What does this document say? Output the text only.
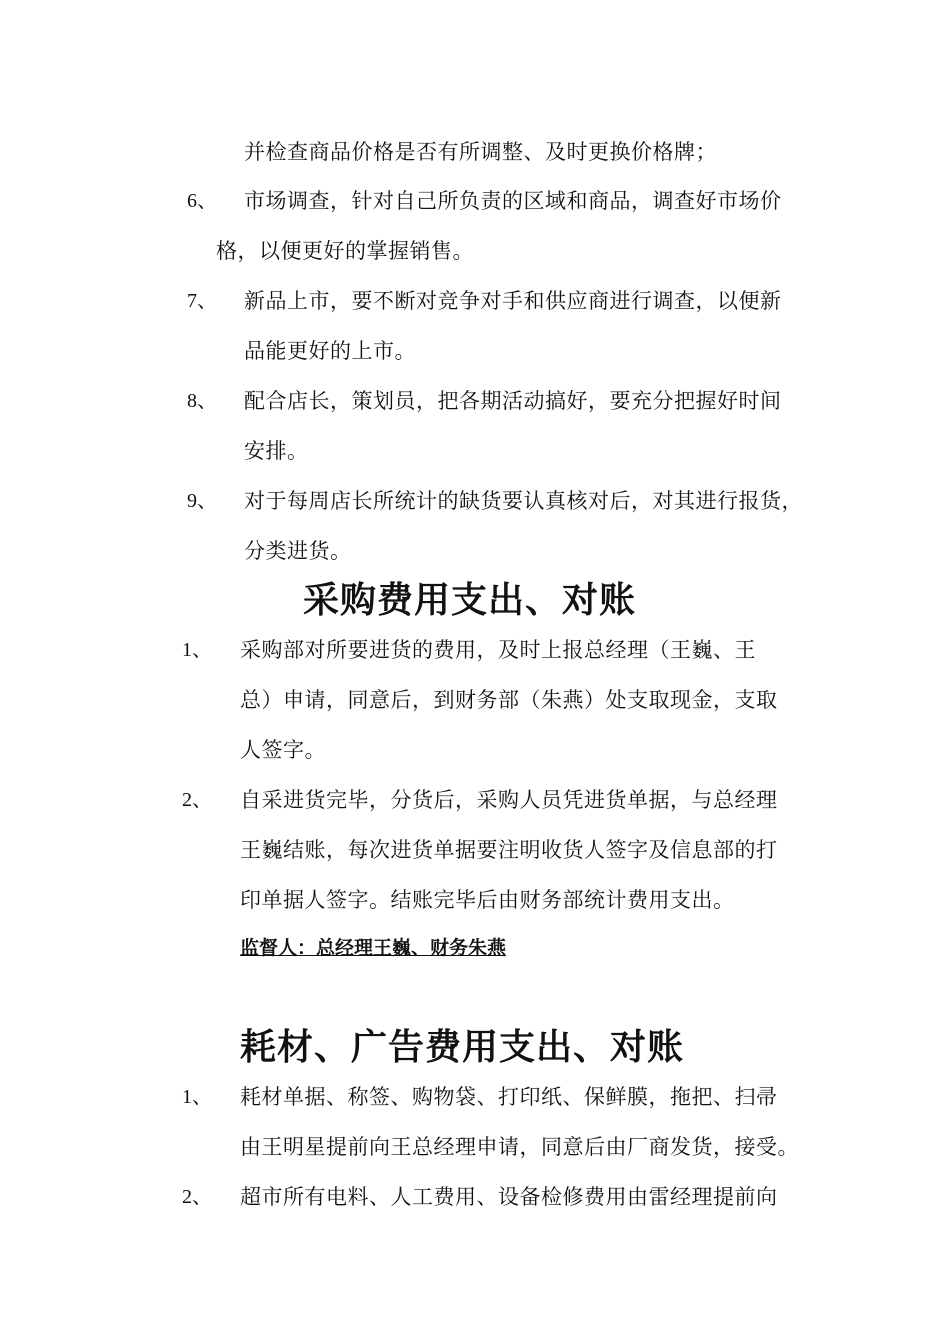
并检查商品价格是否有所调整、及时更换价格牌；
6、 市场调查，针对自己所负责的区域和商品，调查好市场价
格，以便更好的掌握销售。
7、 新品上市，要不断对竞争对手和供应商进行调查，以便新
品能更好的上市。
8、 配合店长，策划员，把各期活动搞好，要充分把握好时间
安排。
9、 对于每周店长所统计的缺货要认真核对后，对其进行报货，
分类进货。
采购费用支出、对账
1、 采购部对所要进货的费用，及时上报总经理（王巍、王
总）申请，同意后，到财务部（朱燕）处支取现金，支取
人签字。
2、 自采进货完毕，分货后，采购人员凭进货单据，与总经理
王巍结账，每次进货单据要注明收货人签字及信息部的打
印单据人签字。结账完毕后由财务部统计费用支出。
监督人：总经理王巍、财务朱燕
耗材、广告费用支出、对账
1、 耗材单据、称签、购物袋、打印纸、保鲜膜，拖把、扫帚
由王明星提前向王总经理申请，同意后由厂商发货，接受。
2、 超市所有电料、人工费用、设备检修费用由雷经理提前向
